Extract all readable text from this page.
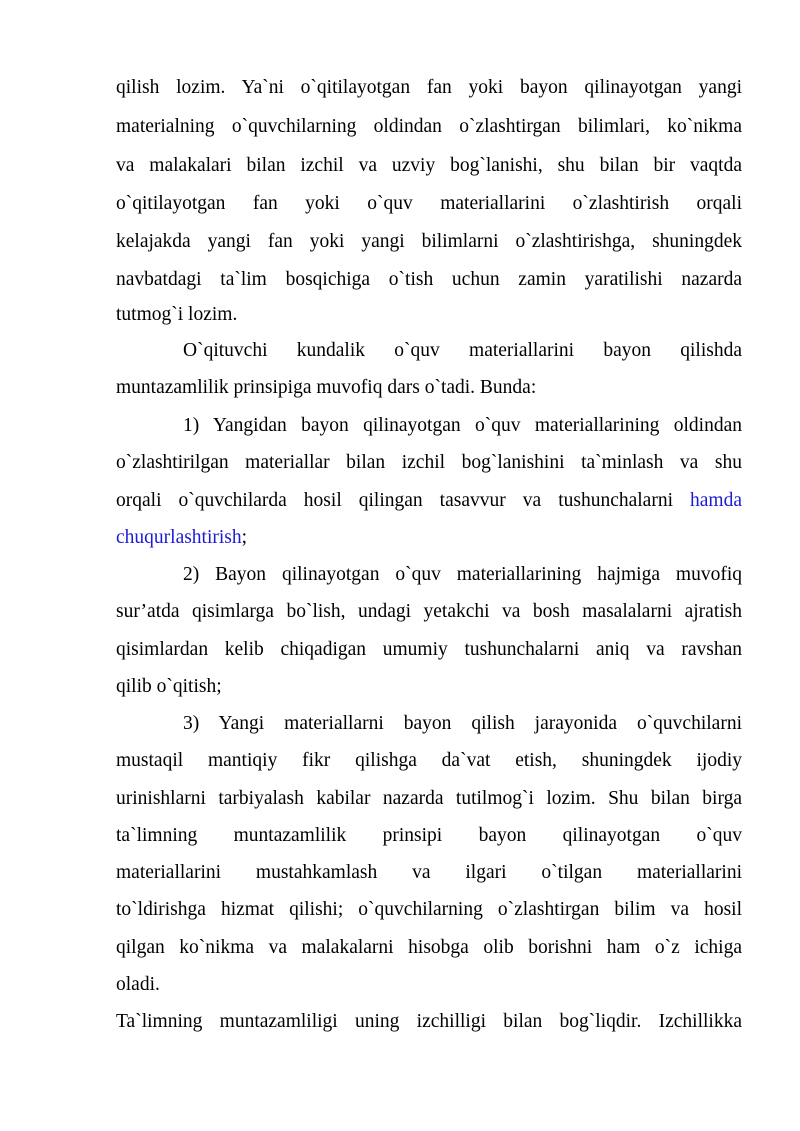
qilish lozim. Ya`ni o`qitilayotgan fan yoki bayon qilinayotgan yangi
materialning o`quvchilarning oldindan o`zlashtirgan bilimlari, ko`nikma
va malakalari bilan izchil va uzviy bog`lanishi, shu bilan bir vaqtda
o`qitilayotgan fan yoki o`quv materiallarini o`zlashtirish orqali
kelajakda yangi fan yoki yangi bilimlarni o`zlashtirishga, shuningdek
navbatdagi ta`lim bosqichiga o`tish uchun zamin yaratilishi nazarda
tutmog`i lozim.
O`qituvchi kundalik o`quv materiallarini bayon qilishda
muntazamlilik prinsipiga muvofiq dars o`tadi. Bunda:
1) Yangidan bayon qilinayotgan o`quv materiallarining oldindan
o`zlashtirilgan materiallar bilan izchil bog`lanishini ta`minlash va shu
orqali o`quvchilarda hosil qilingan tasavvur va tushunchalarni hamda
chuqurlashtirish;
2) Bayon qilinayotgan o`quv materiallarining hajmiga muvofiq
sur’atda qisimlarga bo`lish, undagi yetakchi va bosh masalalarni ajratish
qisimlardan kelib chiqadigan umumiy tushunchalarni aniq va ravshan
qilib o`qitish;
3) Yangi materiallarni bayon qilish jarayonida o`quvchilarni
mustaqil mantiqiy fikr qilishga da`vat etish, shuningdek ijodiy
urinishlarni tarbiyalash kabilar nazarda tutilmog`i lozim. Shu bilan birga
ta`limning muntazamlilik prinsipi bayon qilinayotgan o`quv
materiallarini mustahkamlash va ilgari o`tilgan materiallarini
to`ldirishga hizmat qilishi; o`quvchilarning o`zlashtirgan bilim va hosil
qilgan ko`nikma va malakalarni hisobga olib borishni ham o`z ichiga
oladi.
Ta`limning muntazamliligi uning izchilligi bilan bog`liqdir. Izchillikka
